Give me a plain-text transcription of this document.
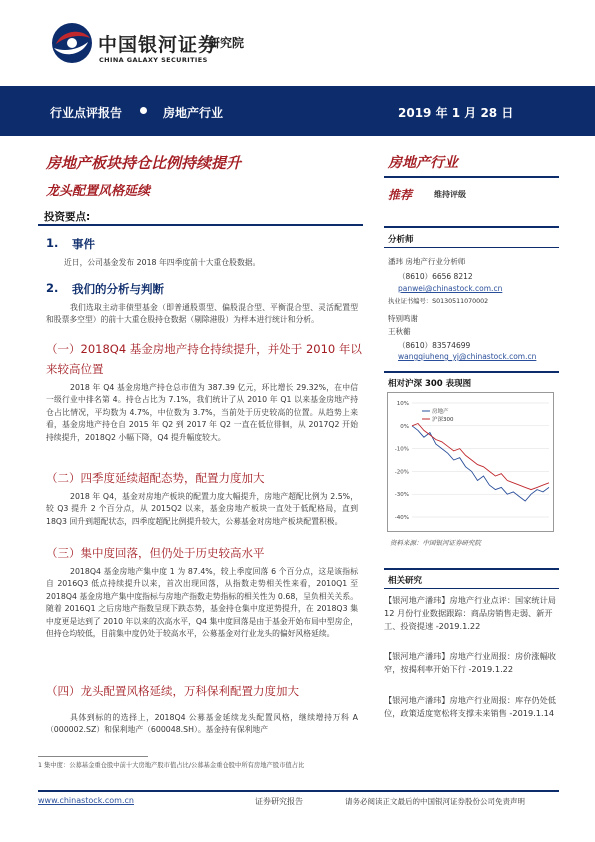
中国银河证券
CHINA GALAXY SECURITIES
研究院
行业点评报告	房地产行业	2019 年 1 月 28 日
房地产板块持仓比例持续提升
龙头配置风格延续
投资要点:
1. 事件
近日，公司基金发布 2018 年四季度前十大重仓股数据。
2. 我们的分析与判断
我们选取主动非债型基金（即普通股票型、偏股混合型、平衡混合型、灵活配置型和股票多空型）的前十大重仓股持仓数据（剔除港股）为样本进行统计和分析。
（一）2018Q4 基金房地产持仓持续提升，并处于 2010 年以来较高位置
2018 年 Q4 基金房地产持仓总市值为 387.39 亿元，环比增长 29.32%，在中信一级行业中排名第 4。持仓占比为 7.1%，我们统计了从 2010 年 Q1 以来基金房地产持仓占比情况，平均数为 4.7%，中位数为 3.7%，当前处于历史较高的位置。从趋势上来看，基金房地产持仓自 2015 年 Q2 到 2017 年 Q2 一直在低位徘徊，从 2017Q2 开始持续提升，2018Q2 小幅下降，Q4 提升幅度较大。
（二）四季度延续超配态势，配置力度加大
2018 年 Q4，基金对房地产板块的配置力度大幅提升，房地产超配比例为 2.5%，较 Q3 提升 2 个百分点，从 2015Q2 以来，基金房地产板块一直处于低配格局，直到 18Q3 回升到超配状态，四季度超配比例提升较大，公募基金对房地产板块配置积极。
（三）集中度回落，但仍处于历史较高水平
2018Q4 基金房地产集中度 1 为 87.4%，较上季度回落 6 个百分点，这是该指标自 2016Q3 低点持续提升以来，首次出现回落，从指数走势相关性来看，2010Q1 至 2018Q4 基金房地产集中度指标与房地产指数走势指标的相关性为 0.68，呈负相关关系。随着 2016Q1 之后房地产指数呈现下跌态势，基金持仓集中度逆势提升，在 2018Q3 集中度更是达到了 2010 年以来的次高水平，Q4 集中度回落是由于基金开始布局中型房企，但持仓均较低，目前集中度仍处于较高水平，公募基金对行业龙头的偏好风格延续。
（四）龙头配置风格延续，万科保利配置力度加大
具体到标的的选择上，2018Q4 公募基金延续龙头配置风格，继续增持万科 A（000002.SZ）和保利地产（600048.SH）。基金持有保利地产
房地产行业
推荐	维持评级
分析师
潘玮 房地产行业分析师
（8610）6656 8212
panwei@chinastock.com.cn
执业证书编号：S0130511070002
特别鸣谢
王秋蘅
（8610）83574699
wangqiuheng_yj@chinastock.com.cn
相对沪深 300 表现图
10%
0%
-10%
-20%
-30%
-40%
房地产
沪深300
资料来源：中国银河证券研究院
相关研究
【银河地产潘玮】房地产行业点评：国家统计局 12 月份行业数据跟踪：商品房销售走弱、新开工、投资提速 -2019.1.22
【银河地产潘玮】房地产行业周报：房价涨幅收窄，按揭利率开始下行 -2019.1.22
【银河地产潘玮】房地产行业周报：库存仍处低位，政策适度宽松将支撑未来销售 -2019.1.14
1 集中度：公募基金重仓股中前十大房地产股市值占比/公募基金重仓股中所有房地产股市值占比
www.chinastock.com.cn	证券研究报告	请务必阅读正文最后的中国银河证券股份公司免责声明
